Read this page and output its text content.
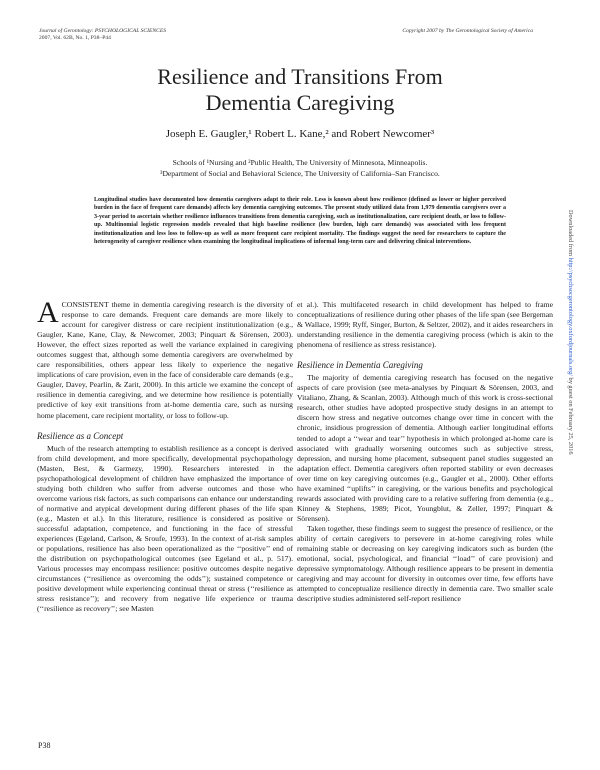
Journal of Gerontology: PSYCHOLOGICAL SCIENCES
2007, Vol. 62B, No. 1, P38–P44
Copyright 2007 by The Gerontological Society of America
Resilience and Transitions From
Dementia Caregiving
Joseph E. Gaugler,¹ Robert L. Kane,² and Robert Newcomer³
Schools of ¹Nursing and ²Public Health, The University of Minnesota, Minneapolis.
³Department of Social and Behavioral Science, The University of California–San Francisco.

Longitudinal studies have documented how dementia caregivers adapt to their role. Less is known about how resilience (defined as lower or higher perceived burden in the face of frequent care demands) affects key dementia caregiving outcomes. The present study utilized data from 1,979 dementia caregivers over a 3-year period to ascertain whether resilience influences transitions from dementia caregiving, such as institutionalization, care recipient death, or loss to follow-up. Multinomial logistic regression models revealed that high baseline resilience (low burden, high care demands) was associated with less frequent institutionalization and less loss to follow-up as well as more frequent care recipient mortality. The findings suggest the need for researchers to capture the heterogeneity of caregiver resilience when examining the longitudinal implications of informal long-term care and delivering clinical interventions.

ACONSISTENT theme in dementia caregiving research is the diversity of response to care demands. Frequent care demands are more likely to account for caregiver distress or care recipient institutionalization (e.g., Gaugler, Kane, Kane, Clay, & Newcomer, 2003; Pinquart & Sörensen, 2003). However, the effect sizes reported as well the variance explained in caregiving outcomes suggest that, although some dementia caregivers are overwhelmed by care responsibilities, others appear less likely to experience the negative implications of care provision, even in the face of considerable care demands (e.g., Gaugler, Davey, Pearlin, & Zarit, 2000). In this article we examine the concept of resilience in dementia caregiving, and we determine how resilience is potentially predictive of key exit transitions from at-home dementia care, such as nursing home placement, care recipient mortality, or loss to follow-up.

Resilience as a Concept

Much of the research attempting to establish resilience as a concept is derived from child development, and more specifically, developmental psychopathology (Masten, Best, & Garmezy, 1990). Researchers interested in the psychopathological development of children have emphasized the importance of studying both children who suffer from adverse outcomes and those who overcome various risk factors, as such comparisons can enhance our understanding of normative and atypical development during different phases of the life span (e.g., Masten et al.). In this literature, resilience is considered as positive or successful adaptation, competence, and functioning in the face of stressful experiences (Egeland, Carlson, & Sroufe, 1993). In the context of at-risk samples or populations, resilience has also been operationalized as the ‘‘positive’’ end of the distribution on psychopathological outcomes (see Egeland et al., p. 517). Various processes may encompass resilience: positive outcomes despite negative circumstances (‘‘resilience as overcoming the odds’’); sustained competence or positive development while experiencing continual threat or stress (‘‘resilience as stress resistance’’); and recovery from negative life experience or trauma (‘‘resilience as recovery’’; see Masten

et al.). This multifaceted research in child development has helped to frame conceptualizations of resilience during other phases of the life span (see Bergeman & Wallace, 1999; Ryff, Singer, Burton, & Seltzer, 2002), and it aides researchers in understanding resilience in the dementia caregiving process (which is akin to the phenomena of resilience as stress resistance).

Resilience in Dementia Caregiving

The majority of dementia caregiving research has focused on the negative aspects of care provision (see meta-analyses by Pinquart & Sörensen, 2003, and Vitaliano, Zhang, & Scanlan, 2003). Although much of this work is cross-sectional research, other studies have adopted prospective study designs in an attempt to discern how stress and negative outcomes change over time in concert with the chronic, insidious progression of dementia. Although earlier longitudinal efforts tended to adopt a ‘‘wear and tear’’ hypothesis in which prolonged at-home care is associated with gradually worsening outcomes such as subjective stress, depression, and nursing home placement, subsequent panel studies suggested an adaptation effect. Dementia caregivers often reported stability or even decreases over time on key caregiving outcomes (e.g., Gaugler et al., 2000). Other efforts have examined ‘‘uplifts’’ in caregiving, or the various benefits and psychological rewards associated with providing care to a relative suffering from dementia (e.g., Kinney & Stephens, 1989; Picot, Youngblut, & Zeller, 1997; Pinquart & Sörensen).

Taken together, these findings seem to suggest the presence of resilience, or the ability of certain caregivers to persevere in at-home caregiving roles while remaining stable or decreasing on key caregiving indicators such as burden (the emotional, social, psychological, and financial ‘‘load’’ of care provision) and depressive symptomatology. Although resilience appears to be present in dementia caregiving and may account for diversity in outcomes over time, few efforts have attempted to conceptualize resilience directly in dementia care. Two smaller scale descriptive studies administered self-report resilience

P38
Downloaded from http://psychsocgerontology.oxfordjournals.org/ by guest on February 25, 2016
